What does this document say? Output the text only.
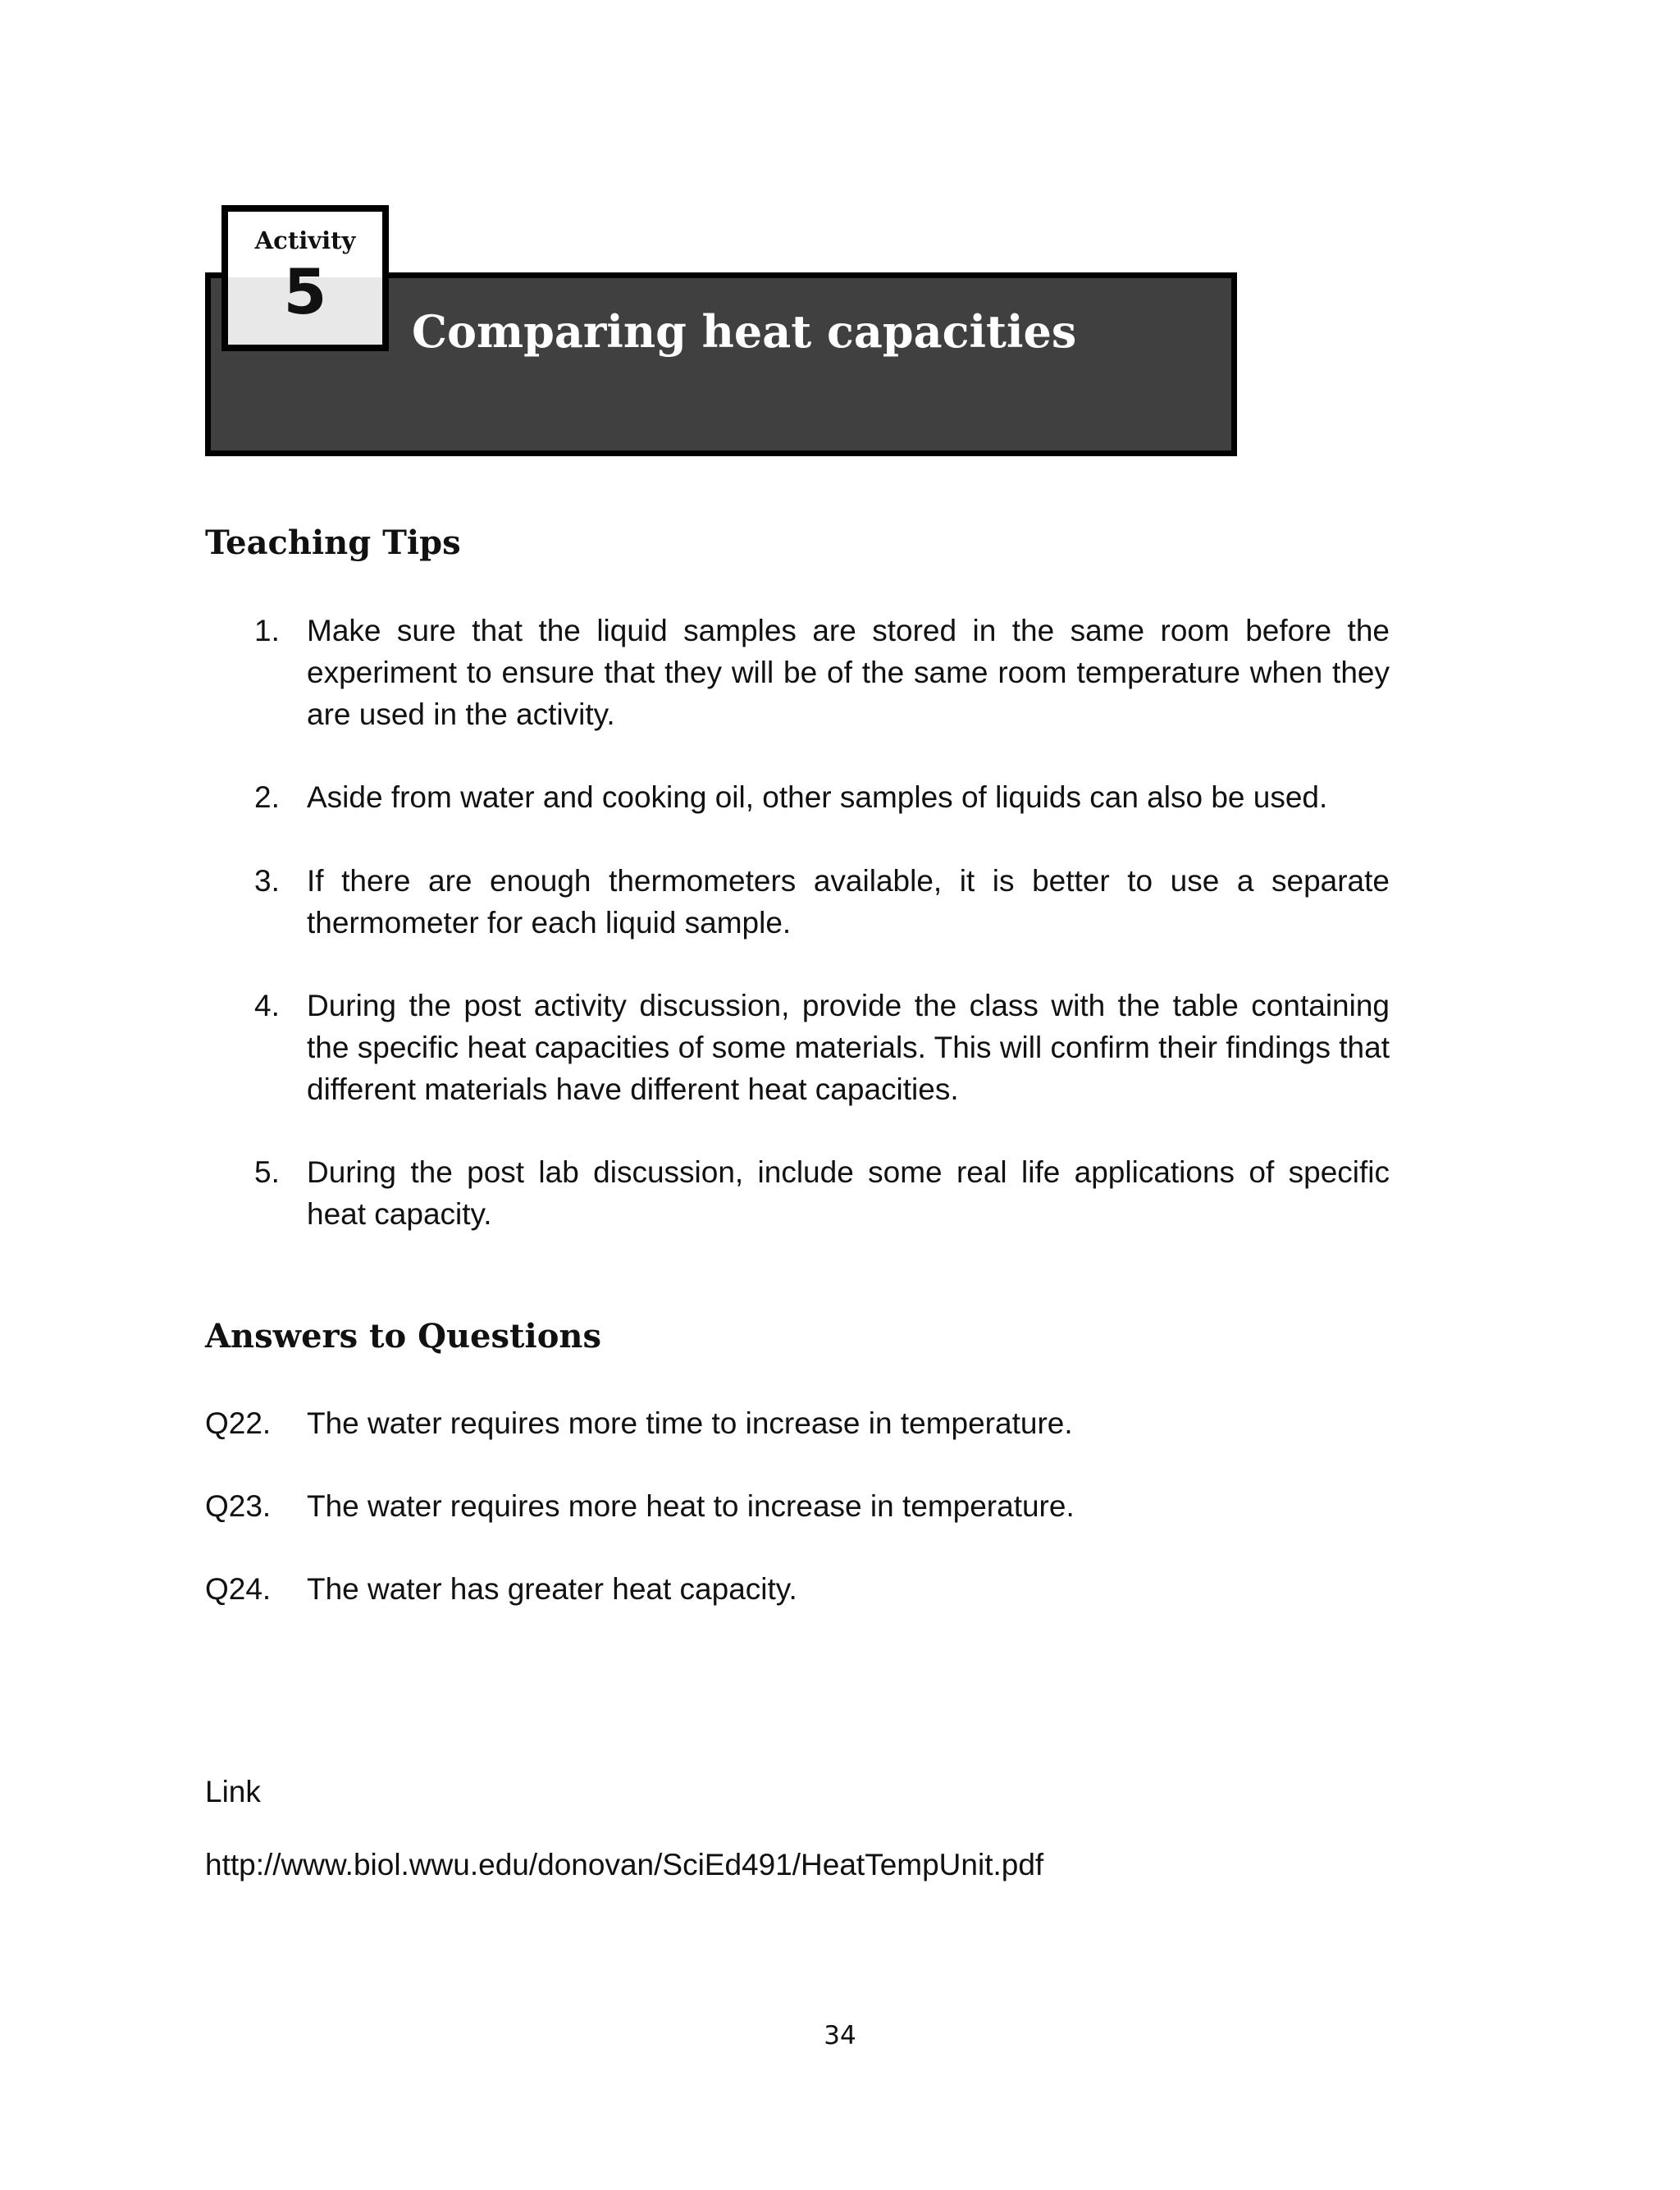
Activity
5
Comparing heat capacities
Teaching Tips
1. Make sure that the liquid samples are stored in the same room before the experiment to ensure that they will be of the same room temperature when they are used in the activity.
2. Aside from water and cooking oil, other samples of liquids can also be used.
3. If there are enough thermometers available, it is better to use a separate thermometer for each liquid sample.
4. During the post activity discussion, provide the class with the table containing the specific heat capacities of some materials. This will confirm their findings that different materials have different heat capacities.
5. During the post lab discussion, include some real life applications of specific heat capacity.
Answers to Questions
Q22. The water requires more time to increase in temperature.
Q23. The water requires more heat to increase in temperature.
Q24. The water has greater heat capacity.
Link
http://www.biol.wwu.edu/donovan/SciEd491/HeatTempUnit.pdf
34
